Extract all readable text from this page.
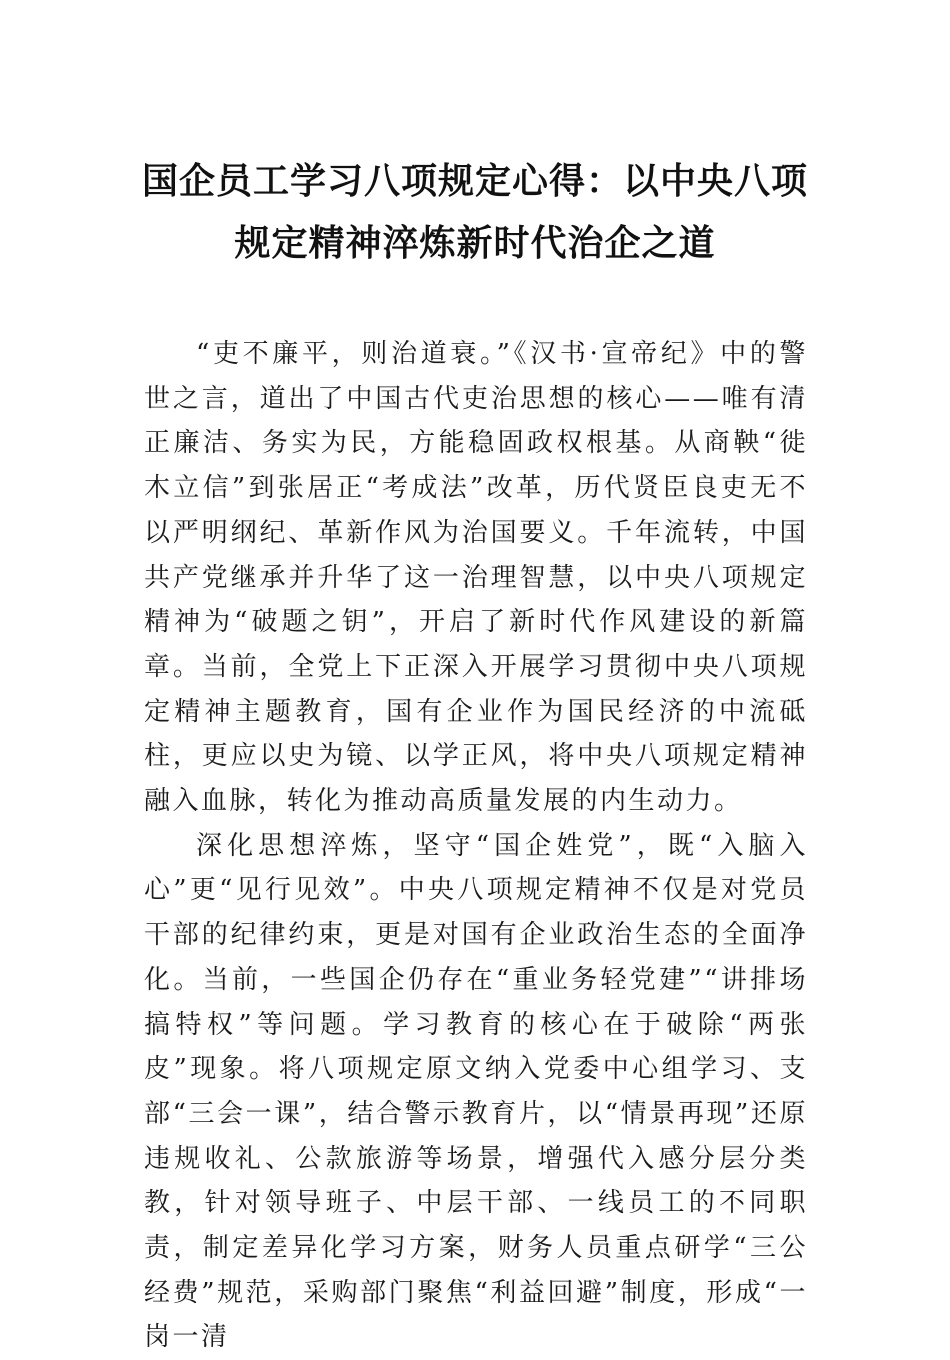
国企员工学习八项规定心得：以中央八项
规定精神淬炼新时代治企之道

“吏不廉平，则治道衰。”《汉书·宣帝纪》中的警世之言，道出了中国古代吏治思想的核心——唯有清正廉洁、务实为民，方能稳固政权根基。从商鞅“徙木立信”到张居正“考成法”改革，历代贤臣良吏无不以严明纲纪、革新作风为治国要义。千年流转，中国共产党继承并升华了这一治理智慧，以中央八项规定精神为“破题之钥”，开启了新时代作风建设的新篇章。当前，全党上下正深入开展学习贯彻中央八项规定精神主题教育，国有企业作为国民经济的中流砥柱，更应以史为镜、以学正风，将中央八项规定精神融入血脉，转化为推动高质量发展的内生动力。

深化思想淬炼，坚守“国企姓党”，既“入脑入心”更“见行见效”。中央八项规定精神不仅是对党员干部的纪律约束，更是对国有企业政治生态的全面净化。当前，一些国企仍存在“重业务轻党建”“讲排场搞特权”等问题。学习教育的核心在于破除“两张皮”现象。将八项规定原文纳入党委中心组学习、支部“三会一课”，结合警示教育片，以“情景再现”还原违规收礼、公款旅游等场景，增强代入感分层分类教，针对领导班子、中层干部、一线员工的不同职责，制定差异化学习方案，财务人员重点研学“三公经费”规范，采购部门聚焦“利益回避”制度，形成“一岗一清
